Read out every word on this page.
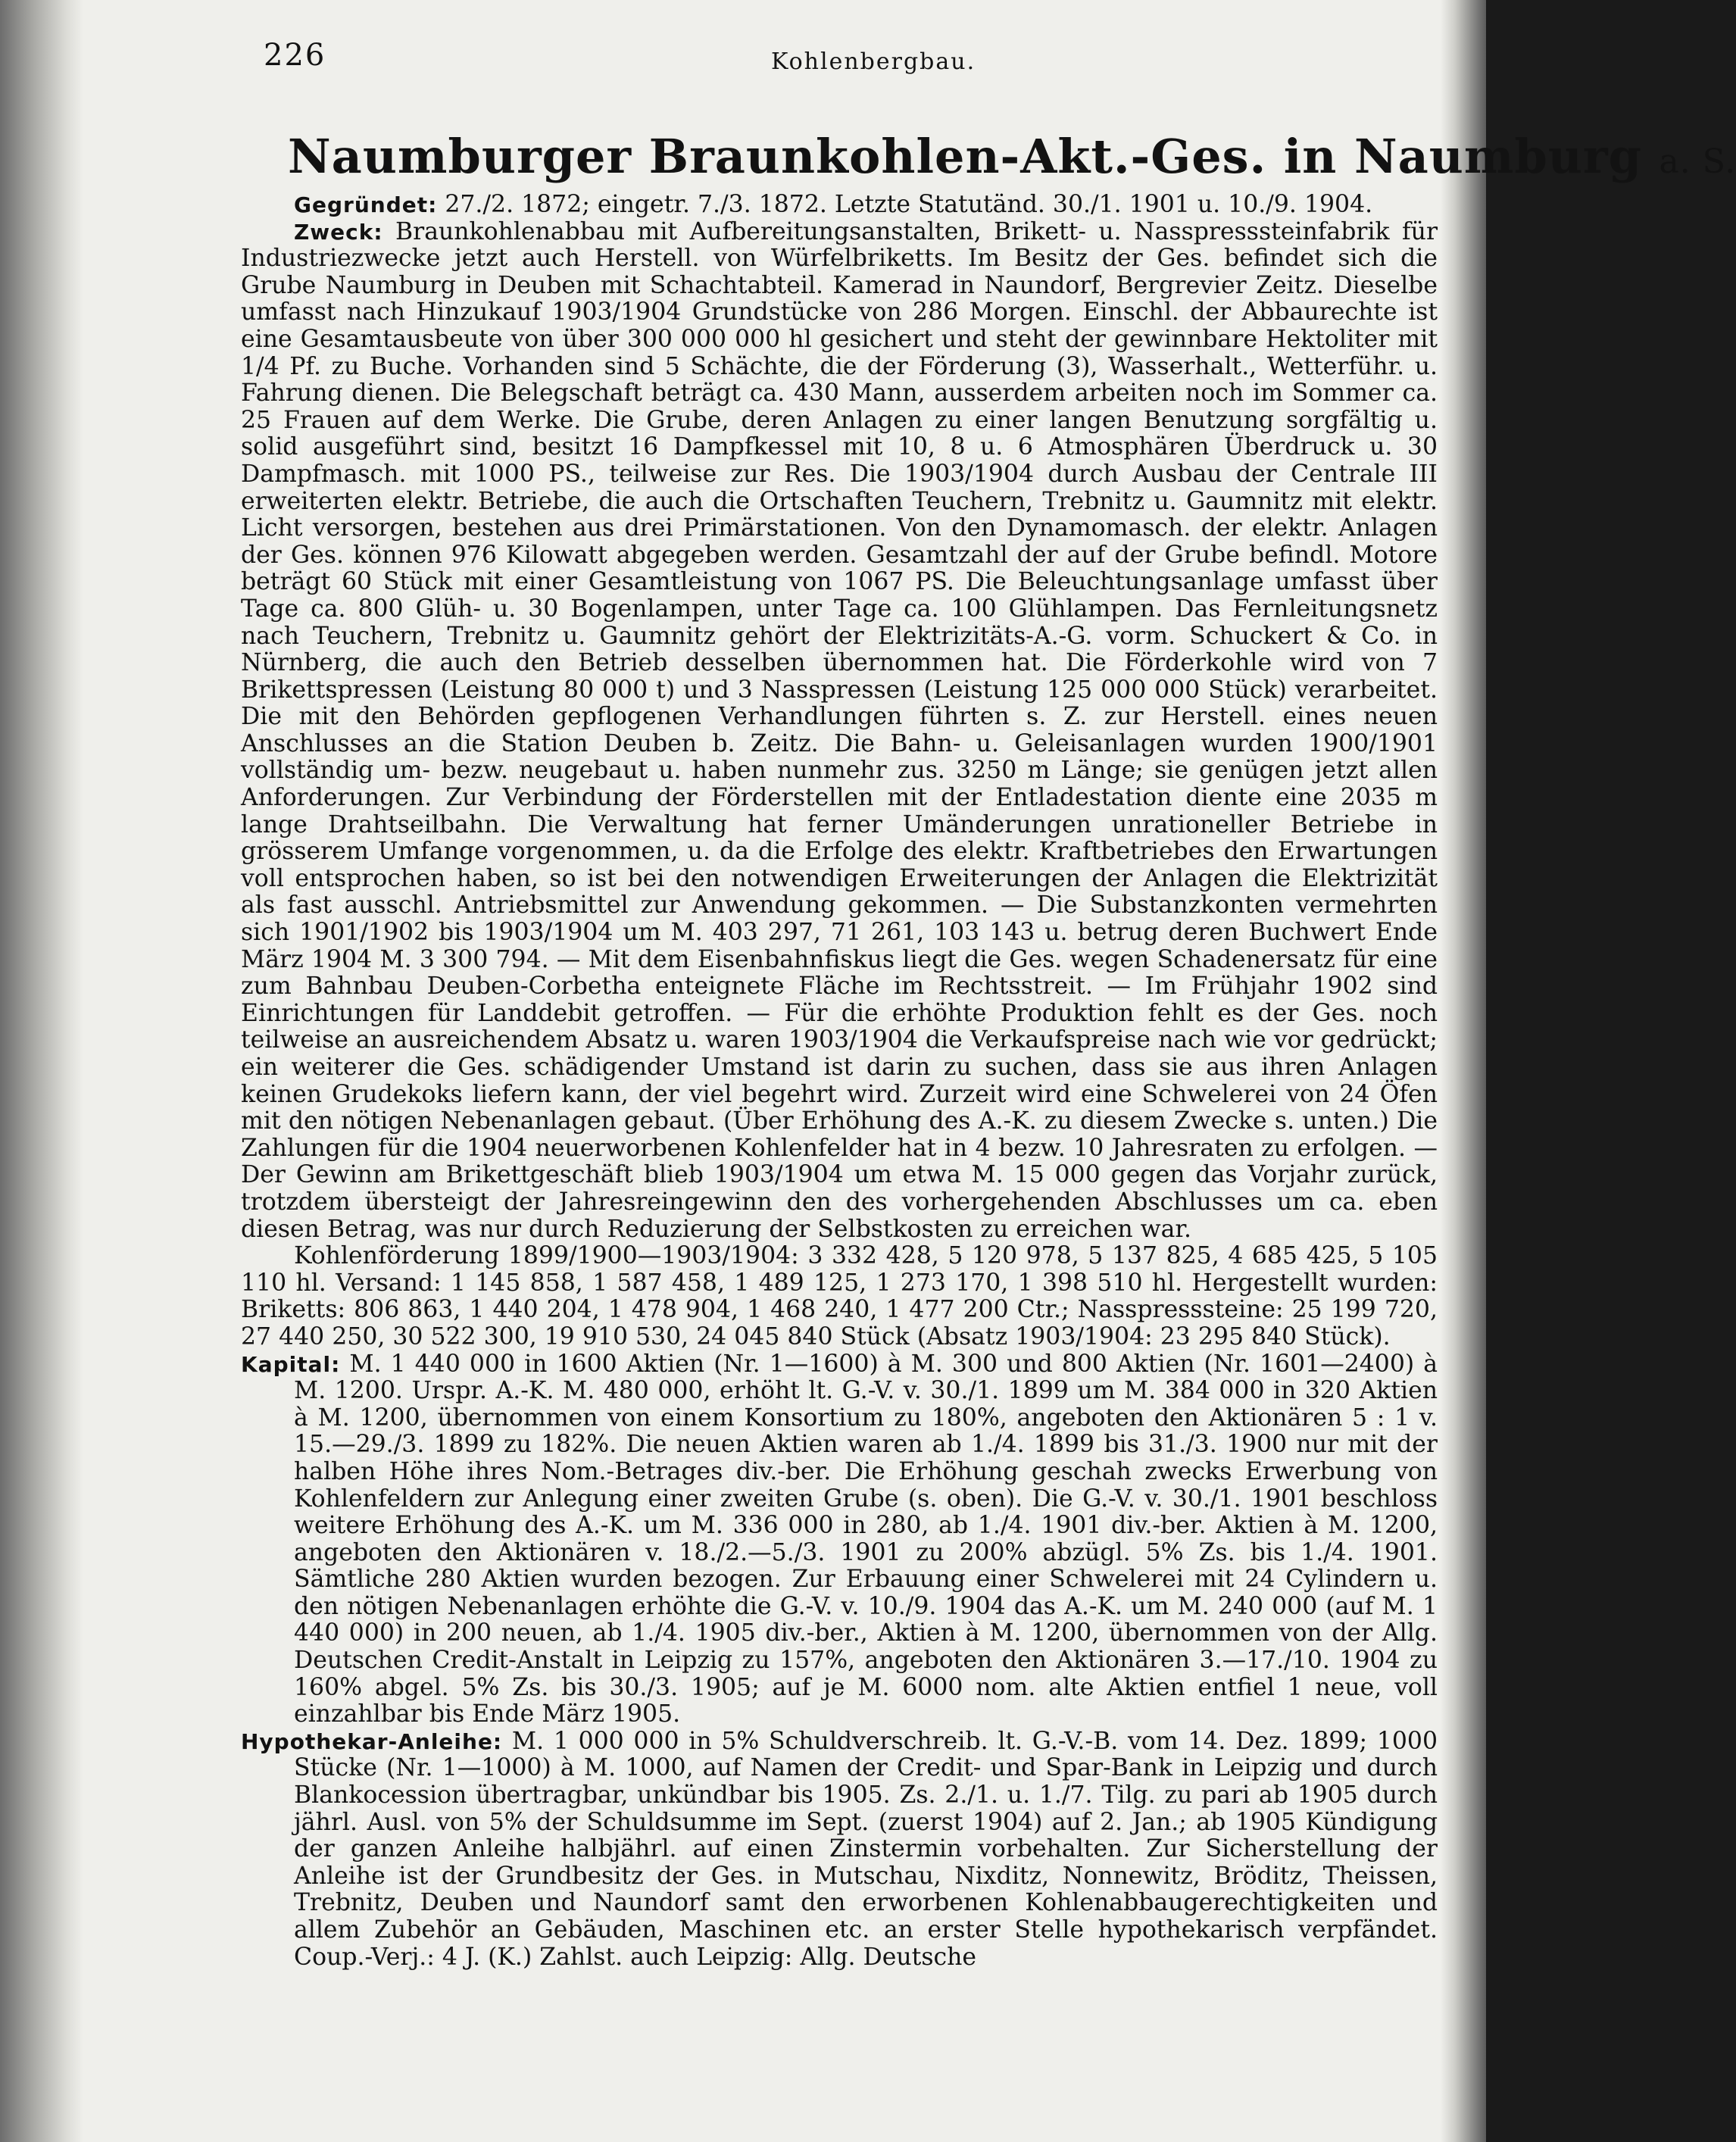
226	Kohlenbergbau.
Naumburger Braunkohlen-Akt.-Ges. in Naumburg a. S.

Gegründet: 27./2. 1872; eingetr. 7./3. 1872. Letzte Statutänd. 30./1. 1901 u. 10./9. 1904.

Zweck: Braunkohlenabbau mit Aufbereitungsanstalten, Brikett- u. Nasspresssteinfabrik für Industriezwecke jetzt auch Herstell. von Würfelbriketts. Im Besitz der Ges. befindet sich die Grube Naumburg in Deuben mit Schachtabteil. Kamerad in Naundorf, Bergrevier Zeitz. Dieselbe umfasst nach Hinzukauf 1903/1904 Grundstücke von 286 Morgen. Einschl. der Abbaurechte ist eine Gesamtausbeute von über 300 000 000 hl gesichert und steht der gewinnbare Hektoliter mit 1/4 Pf. zu Buche. Vorhanden sind 5 Schächte, die der Förderung (3), Wasserhalt., Wetterführ. u. Fahrung dienen. Die Belegschaft beträgt ca. 430 Mann, ausserdem arbeiten noch im Sommer ca. 25 Frauen auf dem Werke. Die Grube, deren Anlagen zu einer langen Benutzung sorgfältig u. solid ausgeführt sind, besitzt 16 Dampfkessel mit 10, 8 u. 6 Atmosphären Überdruck u. 30 Dampfmasch. mit 1000 PS., teilweise zur Res. Die 1903/1904 durch Ausbau der Centrale III erweiterten elektr. Betriebe, die auch die Ortschaften Teuchern, Trebnitz u. Gaumnitz mit elektr. Licht versorgen, bestehen aus drei Primärstationen. Von den Dynamomasch. der elektr. Anlagen der Ges. können 976 Kilowatt abgegeben werden. Gesamtzahl der auf der Grube befindl. Motore beträgt 60 Stück mit einer Gesamtleistung von 1067 PS. Die Beleuchtungsanlage umfasst über Tage ca. 800 Glüh- u. 30 Bogenlampen, unter Tage ca. 100 Glühlampen. Das Fernleitungsnetz nach Teuchern, Trebnitz u. Gaumnitz gehört der Elektrizitäts-A.-G. vorm. Schuckert & Co. in Nürnberg, die auch den Betrieb desselben übernommen hat. Die Förderkohle wird von 7 Brikettspressen (Leistung 80 000 t) und 3 Nasspressen (Leistung 125 000 000 Stück) verarbeitet. Die mit den Behörden gepflogenen Verhandlungen führten s. Z. zur Herstell. eines neuen Anschlusses an die Station Deuben b. Zeitz. Die Bahn- u. Geleisanlagen wurden 1900/1901 vollständig um- bezw. neugebaut u. haben nunmehr zus. 3250 m Länge; sie genügen jetzt allen Anforderungen. Zur Verbindung der Förderstellen mit der Entladestation diente eine 2035 m lange Drahtseilbahn. Die Verwaltung hat ferner Umänderungen unrationeller Betriebe in grösserem Umfange vorgenommen, u. da die Erfolge des elektr. Kraftbetriebes den Erwartungen voll entsprochen haben, so ist bei den notwendigen Erweiterungen der Anlagen die Elektrizität als fast ausschl. Antriebsmittel zur Anwendung gekommen. — Die Substanzkonten vermehrten sich 1901/1902 bis 1903/1904 um M. 403 297, 71 261, 103 143 u. betrug deren Buchwert Ende März 1904 M. 3 300 794. — Mit dem Eisenbahnfiskus liegt die Ges. wegen Schadenersatz für eine zum Bahnbau Deuben-Corbetha enteignete Fläche im Rechtsstreit. — Im Frühjahr 1902 sind Einrichtungen für Landdebit getroffen. — Für die erhöhte Produktion fehlt es der Ges. noch teilweise an ausreichendem Absatz u. waren 1903/1904 die Verkaufspreise nach wie vor gedrückt; ein weiterer die Ges. schädigender Umstand ist darin zu suchen, dass sie aus ihren Anlagen keinen Grudekoks liefern kann, der viel begehrt wird. Zurzeit wird eine Schwelerei von 24 Öfen mit den nötigen Nebenanlagen gebaut. (Über Erhöhung des A.-K. zu diesem Zwecke s. unten.) Die Zahlungen für die 1904 neuerworbenen Kohlenfelder hat in 4 bezw. 10 Jahresraten zu erfolgen. — Der Gewinn am Brikettgeschäft blieb 1903/1904 um etwa M. 15 000 gegen das Vorjahr zurück, trotzdem übersteigt der Jahresreingewinn den des vorhergehenden Abschlusses um ca. eben diesen Betrag, was nur durch Reduzierung der Selbstkosten zu erreichen war.

Kohlenförderung 1899/1900—1903/1904: 3 332 428, 5 120 978, 5 137 825, 4 685 425, 5 105 110 hl. Versand: 1 145 858, 1 587 458, 1 489 125, 1 273 170, 1 398 510 hl. Hergestellt wurden: Briketts: 806 863, 1 440 204, 1 478 904, 1 468 240, 1 477 200 Ctr.; Nasspresssteine: 25 199 720, 27 440 250, 30 522 300, 19 910 530, 24 045 840 Stück (Absatz 1903/1904: 23 295 840 Stück).

Kapital: M. 1 440 000 in 1600 Aktien (Nr. 1—1600) à M. 300 und 800 Aktien (Nr. 1601—2400) à M. 1200. Urspr. A.-K. M. 480 000, erhöht lt. G.-V. v. 30./1. 1899 um M. 384 000 in 320 Aktien à M. 1200, übernommen von einem Konsortium zu 180%, angeboten den Aktionären 5 : 1 v. 15.—29./3. 1899 zu 182%. Die neuen Aktien waren ab 1./4. 1899 bis 31./3. 1900 nur mit der halben Höhe ihres Nom.-Betrages div.-ber. Die Erhöhung geschah zwecks Erwerbung von Kohlenfeldern zur Anlegung einer zweiten Grube (s. oben). Die G.-V. v. 30./1. 1901 beschloss weitere Erhöhung des A.-K. um M. 336 000 in 280, ab 1./4. 1901 div.-ber. Aktien à M. 1200, angeboten den Aktionären v. 18./2.—5./3. 1901 zu 200% abzügl. 5% Zs. bis 1./4. 1901. Sämtliche 280 Aktien wurden bezogen. Zur Erbauung einer Schwelerei mit 24 Cylindern u. den nötigen Nebenanlagen erhöhte die G.-V. v. 10./9. 1904 das A.-K. um M. 240 000 (auf M. 1 440 000) in 200 neuen, ab 1./4. 1905 div.-ber., Aktien à M. 1200, übernommen von der Allg. Deutschen Credit-Anstalt in Leipzig zu 157%, angeboten den Aktionären 3.—17./10. 1904 zu 160% abgel. 5% Zs. bis 30./3. 1905; auf je M. 6000 nom. alte Aktien entfiel 1 neue, voll einzahlbar bis Ende März 1905.

Hypothekar-Anleihe: M. 1 000 000 in 5% Schuldverschreib. lt. G.-V.-B. vom 14. Dez. 1899; 1000 Stücke (Nr. 1—1000) à M. 1000, auf Namen der Credit- und Spar-Bank in Leipzig und durch Blankocession übertragbar, unkündbar bis 1905. Zs. 2./1. u. 1./7. Tilg. zu pari ab 1905 durch jährl. Ausl. von 5% der Schuldsumme im Sept. (zuerst 1904) auf 2. Jan.; ab 1905 Kündigung der ganzen Anleihe halbjährl. auf einen Zinstermin vorbehalten. Zur Sicherstellung der Anleihe ist der Grundbesitz der Ges. in Mutschau, Nixditz, Nonnewitz, Bröditz, Theissen, Trebnitz, Deuben und Naundorf samt den erworbenen Kohlenabbaugerechtigkeiten und allem Zubehör an Gebäuden, Maschinen etc. an erster Stelle hypothekarisch verpfändet. Coup.-Verj.: 4 J. (K.) Zahlst. auch Leipzig: Allg. Deutsche
